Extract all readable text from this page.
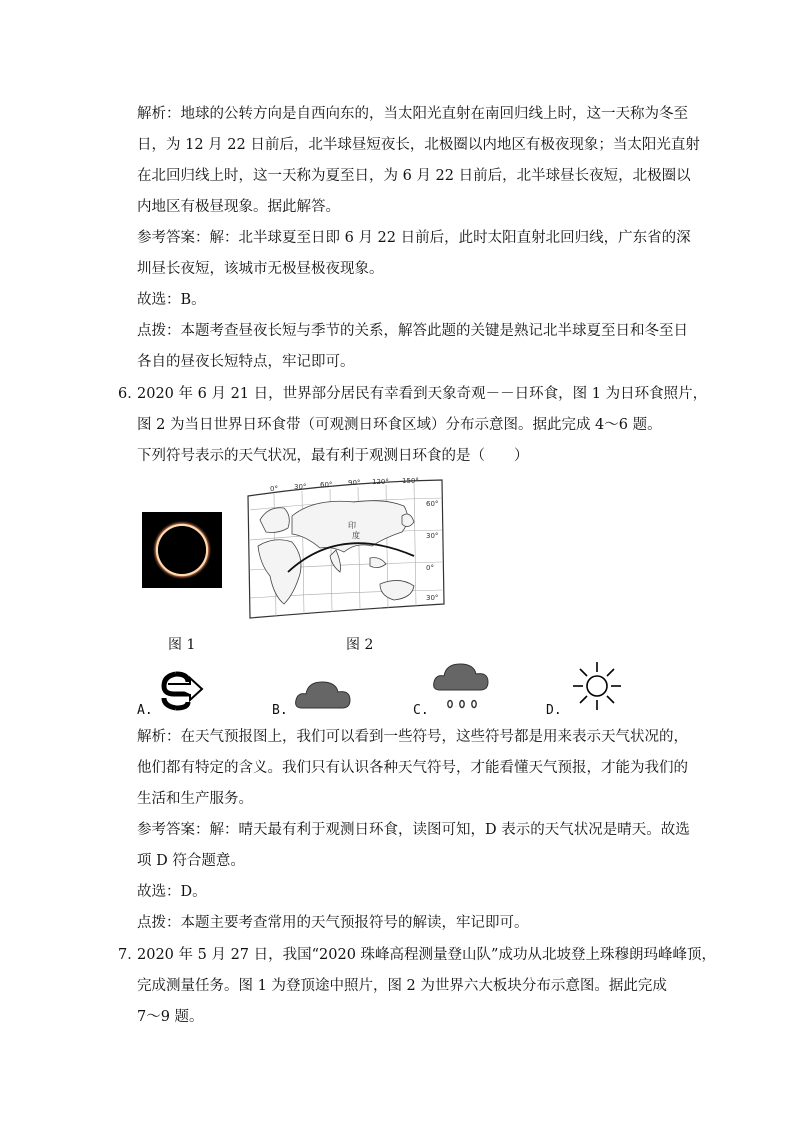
解析：地球的公转方向是自西向东的，当太阳光直射在南回归线上时，这一天称为冬至
日，为 12 月 22 日前后，北半球昼短夜长，北极圈以内地区有极夜现象；当太阳光直射
在北回归线上时，这一天称为夏至日，为 6 月 22 日前后，北半球昼长夜短，北极圈以
内地区有极昼现象。据此解答。
参考答案：解：北半球夏至日即 6 月 22 日前后，此时太阳直射北回归线，广东省的深
圳昼长夜短，该城市无极昼极夜现象。
故选：B。
点拨：本题考查昼夜长短与季节的关系，解答此题的关键是熟记北半球夏至日和冬至日
各自的昼夜长短特点，牢记即可。
6．
2020 年 6 月 21 日，世界部分居民有幸看到天象奇观－－日环食，图 1 为日环食照片，
图 2 为当日世界日环食带（可观测日环食区域）分布示意图。据此完成 4～6 题。
下列符号表示的天气状况，最有利于观测日环食的是（　　）
0° 30° 60° 90° 120° 150°
60°
30°
0°
30°
印
度
图 1	图 2
A.	B.	C.	D.
解析：在天气预报图上，我们可以看到一些符号，这些符号都是用来表示天气状况的，
他们都有特定的含义。我们只有认识各种天气符号，才能看懂天气预报，才能为我们的
生活和生产服务。
参考答案：解：晴天最有利于观测日环食，读图可知，D 表示的天气状况是晴天。故选
项 D 符合题意。
故选：D。
点拨：本题主要考查常用的天气预报符号的解读，牢记即可。
7．
2020 年 5 月 27 日，我国“2020 珠峰高程测量登山队”成功从北坡登上珠穆朗玛峰峰顶，
完成测量任务。图 1 为登顶途中照片，图 2 为世界六大板块分布示意图。据此完成
7～9 题。
